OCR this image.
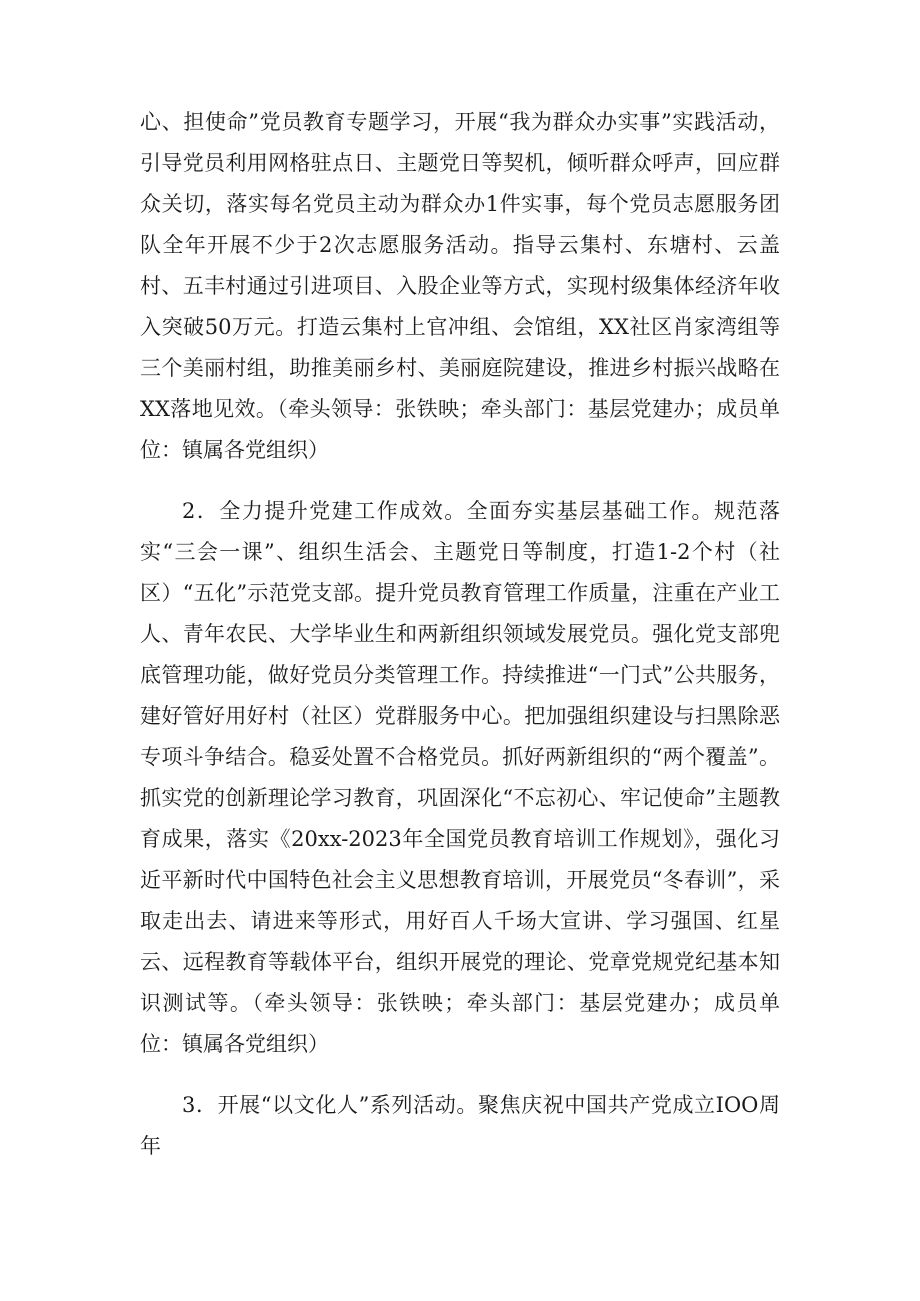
心、担使命”党员教育专题学习，开展“我为群众办实事”实践活动，引导党员利用网格驻点日、主题党日等契机，倾听群众呼声，回应群众关切，落实每名党员主动为群众办1件实事，每个党员志愿服务团队全年开展不少于2次志愿服务活动。指导云集村、东塘村、云盖村、五丰村通过引进项目、入股企业等方式，实现村级集体经济年收入突破50万元。打造云集村上官冲组、会馆组，XX社区肖家湾组等三个美丽村组，助推美丽乡村、美丽庭院建设，推进乡村振兴战略在XX落地见效。（牵头领导：张铁映；牵头部门：基层党建办；成员单位：镇属各党组织）

2．全力提升党建工作成效。全面夯实基层基础工作。规范落实“三会一课”、组织生活会、主题党日等制度，打造1-2个村（社区）“五化”示范党支部。提升党员教育管理工作质量，注重在产业工人、青年农民、大学毕业生和两新组织领域发展党员。强化党支部兜底管理功能，做好党员分类管理工作。持续推进“一门式”公共服务，建好管好用好村（社区）党群服务中心。把加强组织建设与扫黑除恶专项斗争结合。稳妥处置不合格党员。抓好两新组织的“两个覆盖”。抓实党的创新理论学习教育，巩固深化“不忘初心、牢记使命”主题教育成果，落实《20xx-2023年全国党员教育培训工作规划》，强化习近平新时代中国特色社会主义思想教育培训，开展党员“冬春训”，采取走出去、请进来等形式，用好百人千场大宣讲、学习强国、红星云、远程教育等载体平台，组织开展党的理论、党章党规党纪基本知识测试等。（牵头领导：张铁映；牵头部门：基层党建办；成员单位：镇属各党组织）

3．开展“以文化人”系列活动。聚焦庆祝中国共产党成立IOO周年
